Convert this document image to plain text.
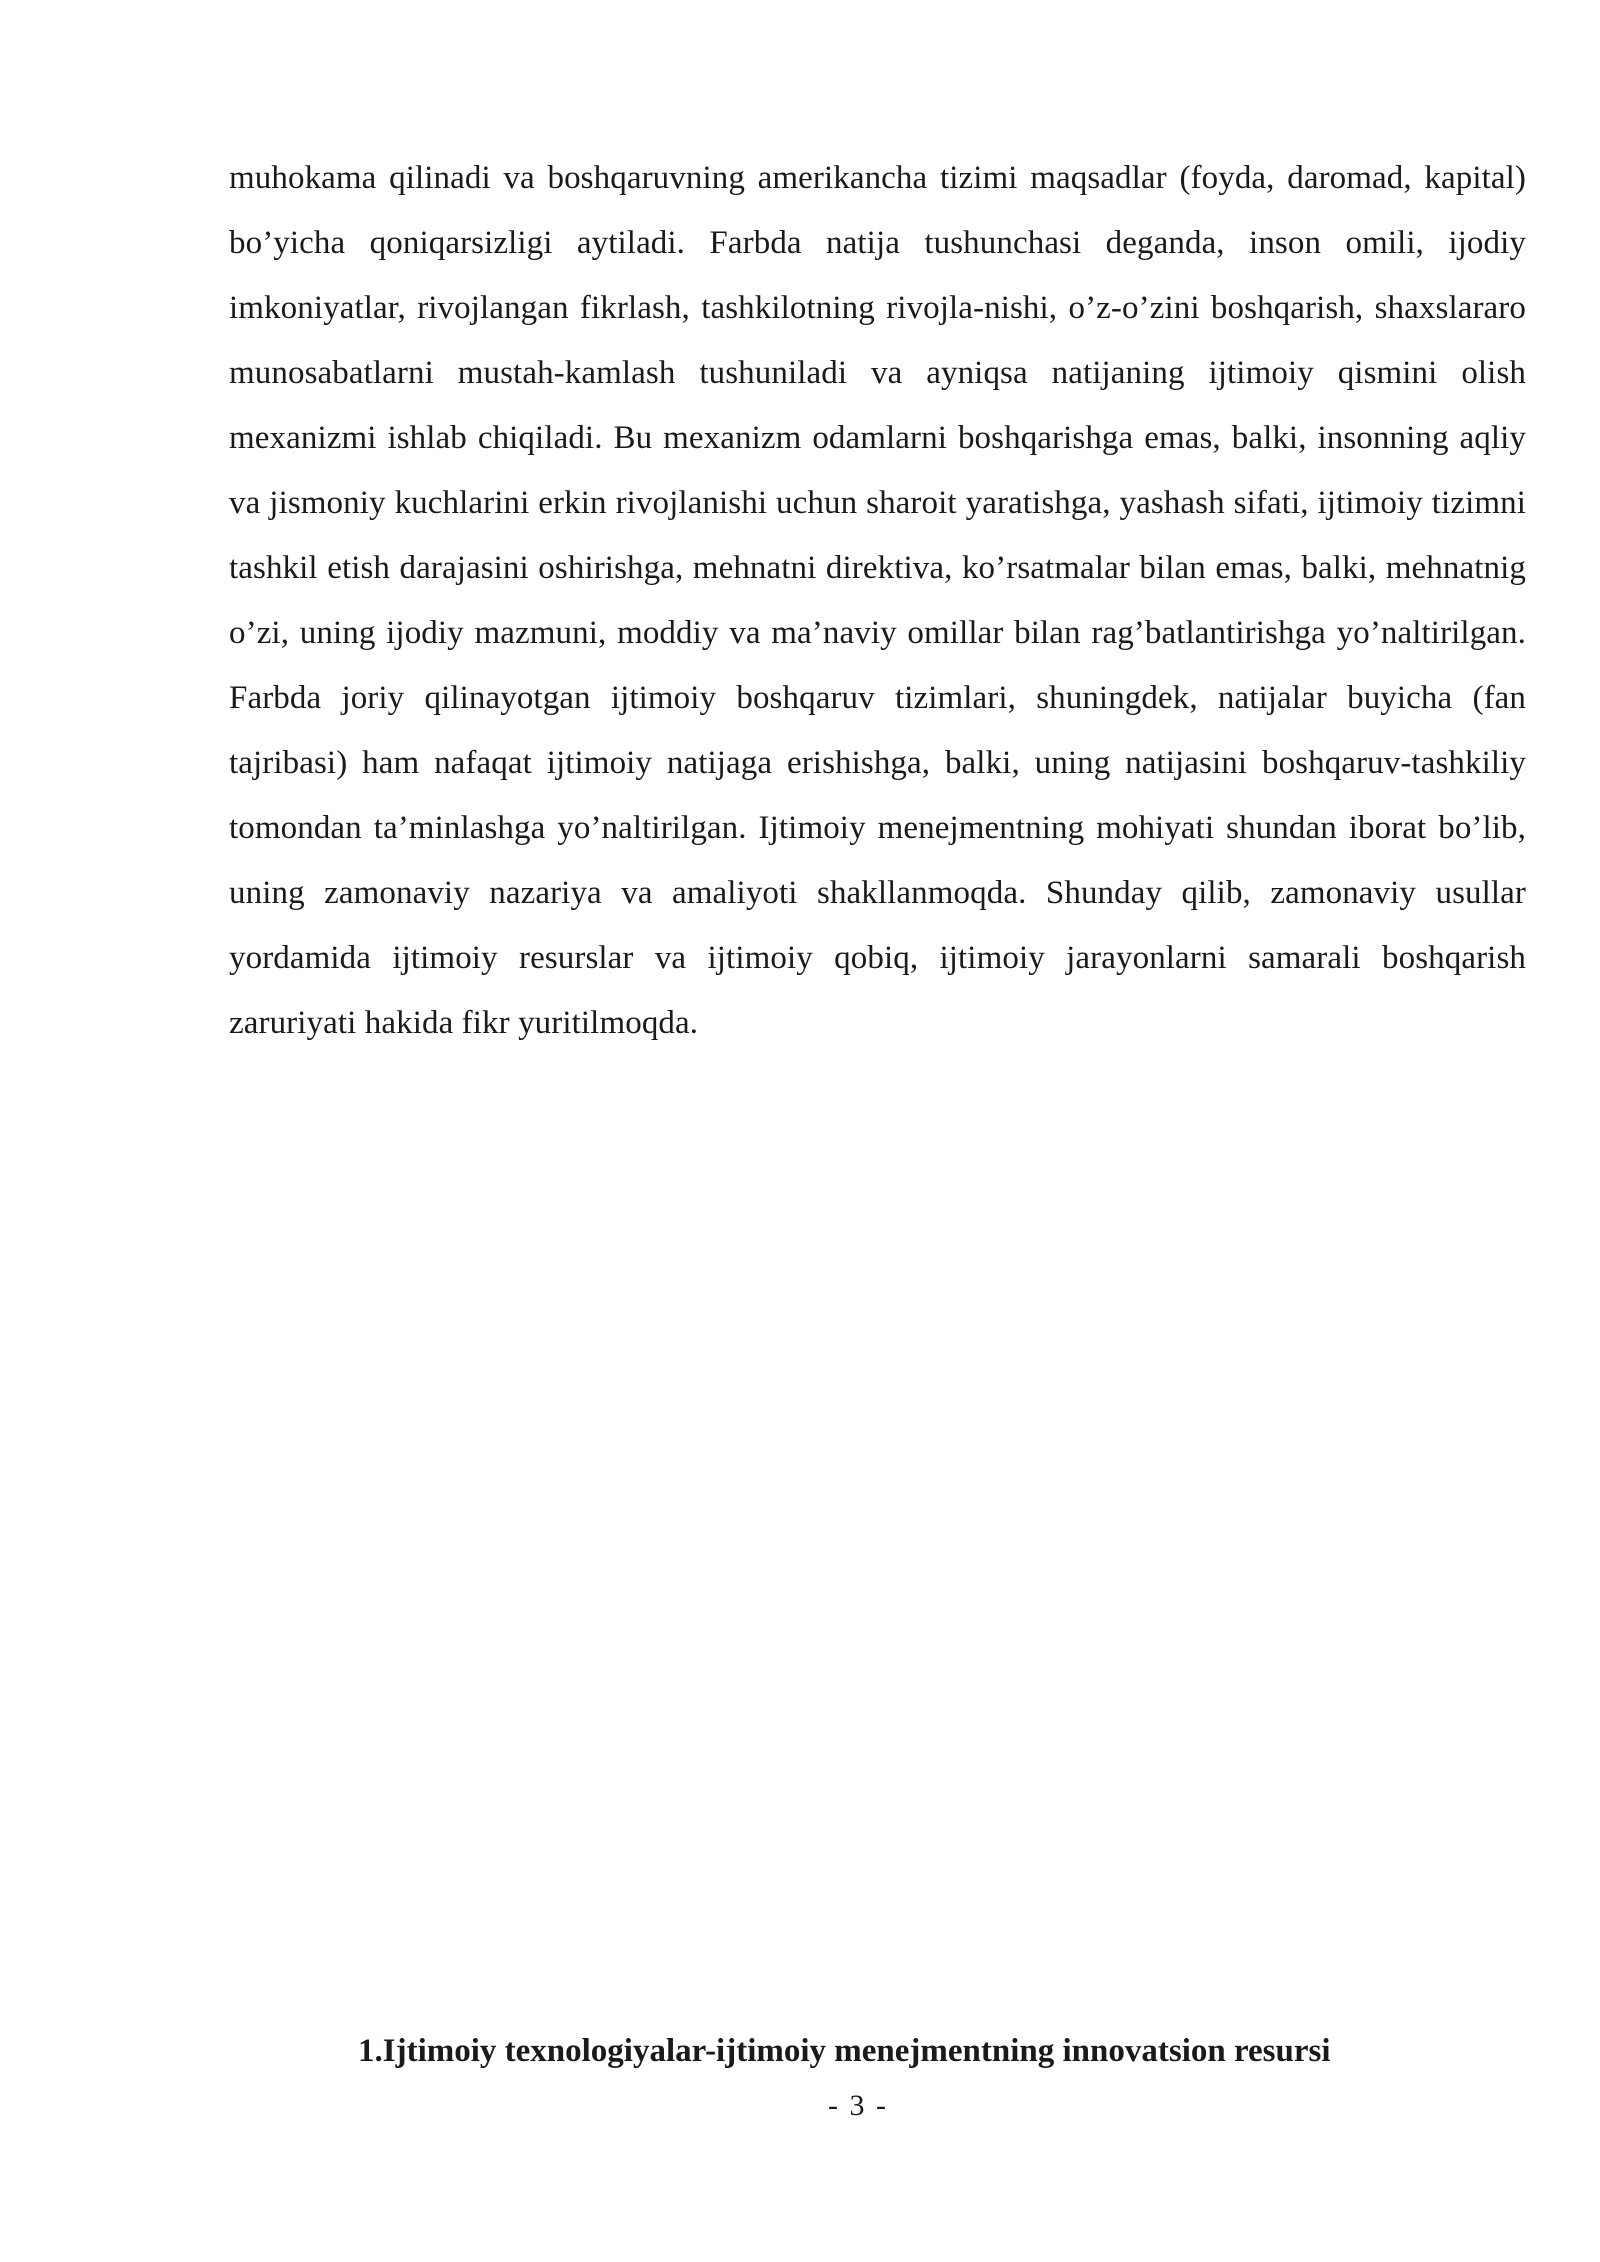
muhokama qilinadi va boshqaruvning amerikancha tizimi maqsadlar (foyda, daromad, kapital) bo’yicha qoniqarsizligi aytiladi. Farbda natija tushunchasi deganda, inson omili, ijodiy imkoniyatlar, rivojlangan fikrlash, tashkilotning rivojla-nishi, o’z-o’zini boshqarish, shaxslararo munosabatlarni mustah-kamlash tushuniladi va ayniqsa natijaning ijtimoiy qismini olish mexanizmi ishlab chiqiladi. Bu mexanizm odamlarni boshqarishga emas, balki, insonning aqliy va jismoniy kuchlarini erkin rivojlanishi uchun sharoit yaratishga, yashash sifati, ijtimoiy tizimni tashkil etish darajasini oshirishga, mehnatni direktiva, ko’rsatmalar bilan emas, balki, mehnatnig o’zi, uning ijodiy mazmuni, moddiy va ma’naviy omillar bilan rag’batlantirishga yo’naltirilgan. Farbda joriy qilinayotgan ijtimoiy boshqaruv tizimlari, shuningdek, natijalar buyicha (fan tajribasi) ham nafaqat ijtimoiy natijaga erishishga, balki, uning natijasini boshqaruv-tashkiliy tomondan ta’minlashga yo’naltirilgan. Ijtimoiy menejmentning mohiyati shundan iborat bo’lib, uning zamonaviy nazariya va amaliyoti shakllanmoqda. Shunday qilib, zamonaviy usullar yordamida ijtimoiy resurslar va ijtimoiy qobiq, ijtimoiy jarayonlarni samarali boshqarish zaruriyati hakida fikr yuritilmoqda.

1.Ijtimoiy texnologiyalar-ijtimoiy menejmentning innovatsion resursi
- 3 -
